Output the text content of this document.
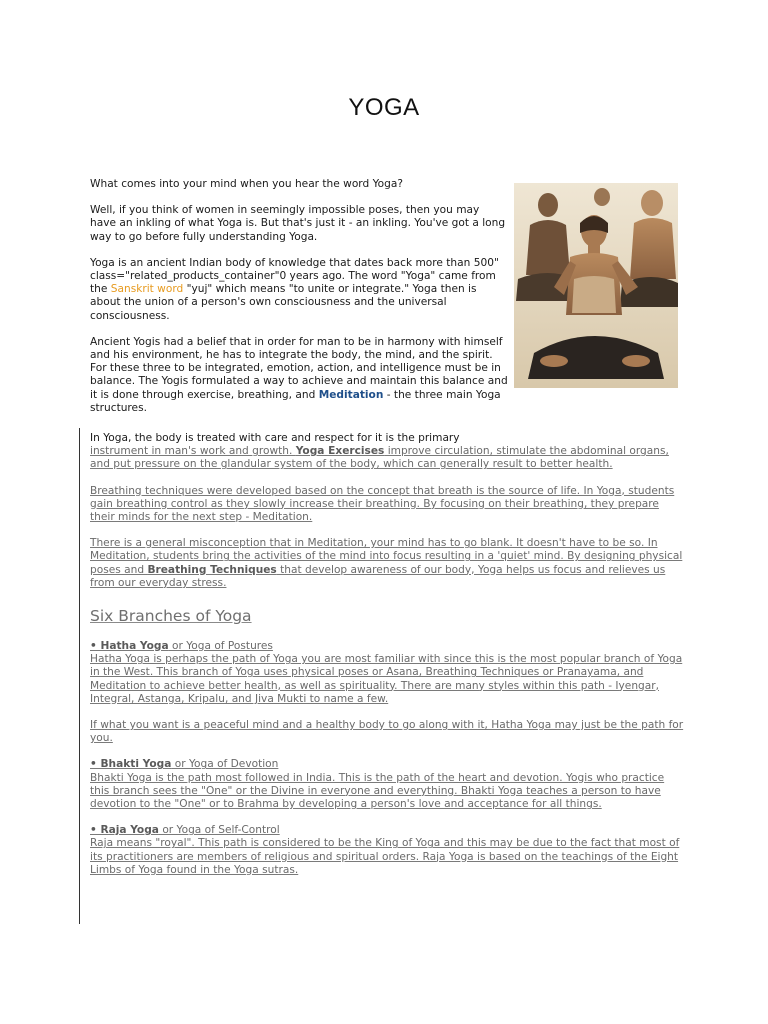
YOGA

What comes into your mind when you hear the word Yoga?

Well, if you think of women in seemingly impossible poses, then you may have an inkling of what Yoga is. But that's just it - an inkling. You've got a long way to go before fully understanding Yoga.

Yoga is an ancient Indian body of knowledge that dates back more than 500" class="related_products_container"0 years ago. The word "Yoga" came from the Sanskrit word "yuj" which means "to unite or integrate." Yoga then is about the union of a person's own consciousness and the universal consciousness.

Ancient Yogis had a belief that in order for man to be in harmony with himself and his environment, he has to integrate the body, the mind, and the spirit. For these three to be integrated, emotion, action, and intelligence must be in balance. The Yogis formulated a way to achieve and maintain this balance and it is done through exercise, breathing, and Meditation - the three main Yoga structures.

In Yoga, the body is treated with care and respect for it is the primary
instrument in man's work and growth. Yoga Exercises improve circulation, stimulate the abdominal organs, and put pressure on the glandular system of the body, which can generally result to better health.

Breathing techniques were developed based on the concept that breath is the source of life. In Yoga, students gain breathing control as they slowly increase their breathing. By focusing on their breathing, they prepare their minds for the next step - Meditation.

There is a general misconception that in Meditation, your mind has to go blank. It doesn't have to be so. In Meditation, students bring the activities of the mind into focus resulting in a 'quiet' mind. By designing physical poses and Breathing Techniques that develop awareness of our body, Yoga helps us focus and relieves us from our everyday stress.

Six Branches of Yoga

• Hatha Yoga or Yoga of Postures
Hatha Yoga is perhaps the path of Yoga you are most familiar with since this is the most popular branch of Yoga in the West. This branch of Yoga uses physical poses or Asana, Breathing Techniques or Pranayama, and Meditation to achieve better health, as well as spirituality. There are many styles within this path - Iyengar, Integral, Astanga, Kripalu, and Jiva Mukti to name a few.

If what you want is a peaceful mind and a healthy body to go along with it, Hatha Yoga may just be the path for you.

• Bhakti Yoga or Yoga of Devotion
Bhakti Yoga is the path most followed in India. This is the path of the heart and devotion. Yogis who practice this branch sees the "One" or the Divine in everyone and everything. Bhakti Yoga teaches a person to have devotion to the "One" or to Brahma by developing a person's love and acceptance for all things.

• Raja Yoga or Yoga of Self-Control
Raja means "royal". This path is considered to be the King of Yoga and this may be due to the fact that most of its practitioners are members of religious and spiritual orders. Raja Yoga is based on the teachings of the Eight Limbs of Yoga found in the Yoga sutras.
